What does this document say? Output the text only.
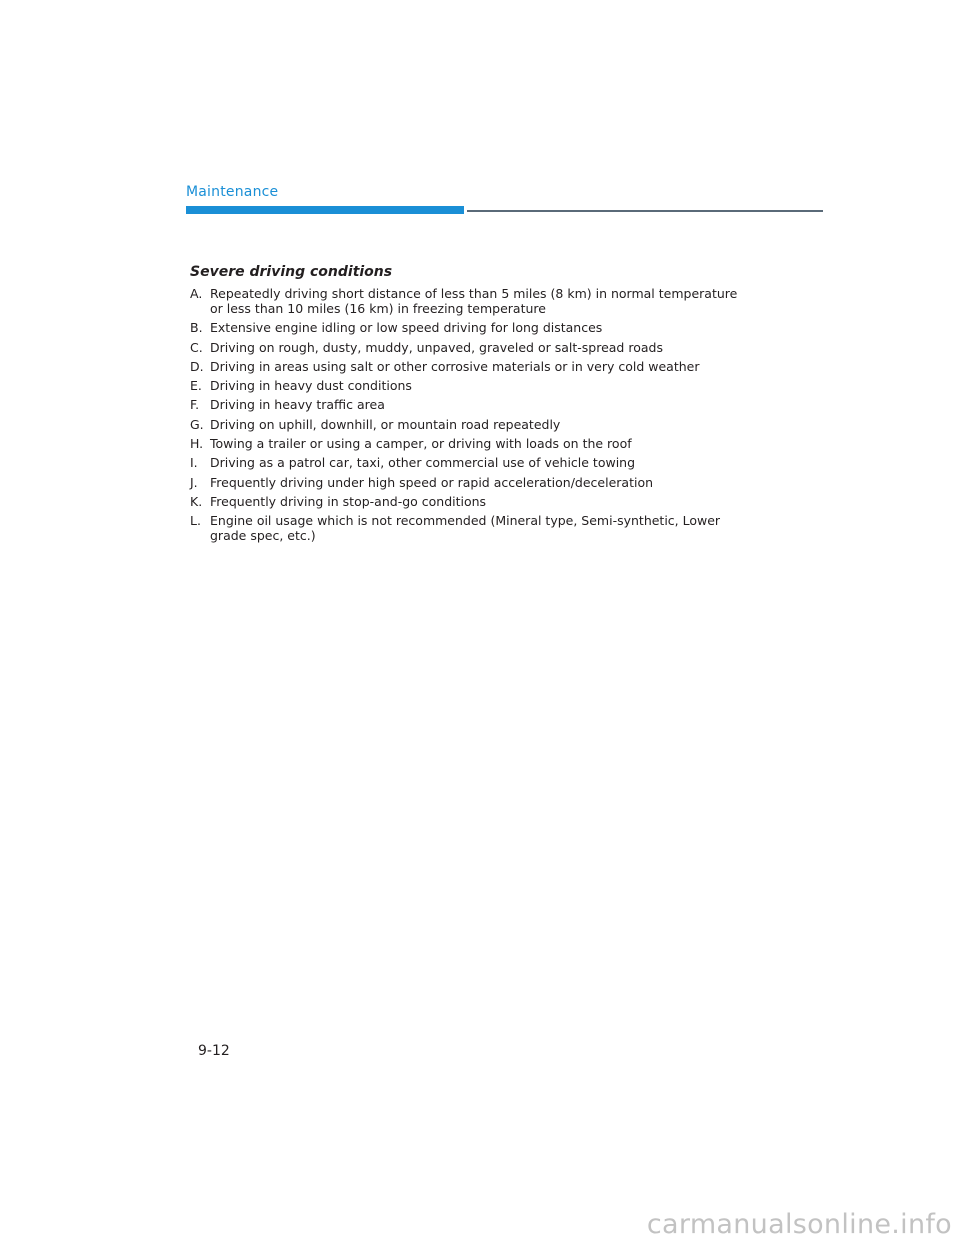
Maintenance
Severe driving conditions
A. Repeatedly driving short distance of less than 5 miles (8 km) in normal temperature or less than 10 miles (16 km) in freezing temperature
B. Extensive engine idling or low speed driving for long distances
C. Driving on rough, dusty, muddy, unpaved, graveled or salt-spread roads
D. Driving in areas using salt or other corrosive materials or in very cold weather
E. Driving in heavy dust conditions
F. Driving in heavy traffic area
G. Driving on uphill, downhill, or mountain road repeatedly
H. Towing a trailer or using a camper, or driving with loads on the roof
I. Driving as a patrol car, taxi, other commercial use of vehicle towing
J. Frequently driving under high speed or rapid acceleration/deceleration
K. Frequently driving in stop-and-go conditions
L. Engine oil usage which is not recommended (Mineral type, Semi-synthetic, Lower grade spec, etc.)
9-12
carmanualsonline.info
